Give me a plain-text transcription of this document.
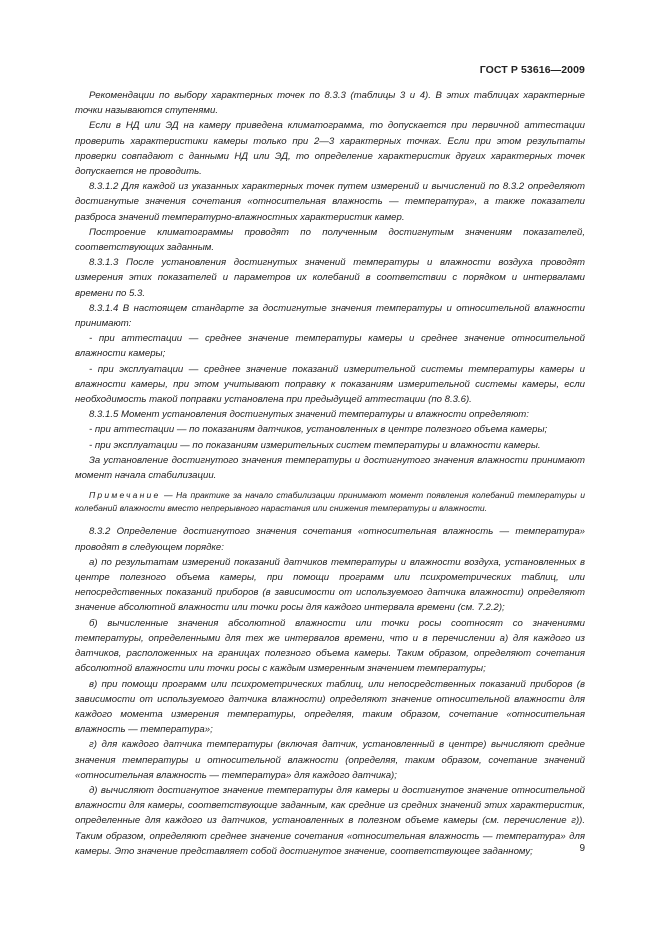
ГОСТ Р 53616—2009

Рекомендации по выбору характерных точек по 8.3.3 (таблицы 3 и 4). В этих таблицах характерные точки называются ступенями.

Если в НД или ЭД на камеру приведена климатограмма, то допускается при первичной аттестации проверить характеристики камеры только при 2—3 характерных точках. Если при этом результаты проверки совпадают с данными НД или ЭД, то определение характеристик других характерных точек допускается не проводить.

8.3.1.2 Для каждой из указанных характерных точек путем измерений и вычислений по 8.3.2 определяют достигнутые значения сочетания «относительная влажность — температура», а также показатели разброса значений температурно-влажностных характеристик камер.

Построение климатограммы проводят по полученным достигнутым значениям показателей, соответствующих заданным.

8.3.1.3 После установления достигнутых значений температуры и влажности воздуха проводят измерения этих показателей и параметров их колебаний в соответствии с порядком и интервалами времени по 5.3.

8.3.1.4 В настоящем стандарте за достигнутые значения температуры и относительной влажности принимают:

- при аттестации — среднее значение температуры камеры и среднее значение относительной влажности камеры;

- при эксплуатации — среднее значение показаний измерительной системы температуры камеры и влажности камеры, при этом учитывают поправку к показаниям измерительной системы камеры, если необходимость такой поправки установлена при предыдущей аттестации (по 8.3.6).

8.3.1.5 Момент установления достигнутых значений температуры и влажности определяют:

- при аттестации — по показаниям датчиков, установленных в центре полезного объема камеры;

- при эксплуатации — по показаниям измерительных систем температуры и влажности камеры.

За установление достигнутого значения температуры и достигнутого значения влажности принимают момент начала стабилизации.

Примечание — На практике за начало стабилизации принимают момент появления колебаний температуры и колебаний влажности вместо непрерывного нарастания или снижения температуры и влажности.

8.3.2 Определение достигнутого значения сочетания «относительная влажность — температура» проводят в следующем порядке:

а) по результатам измерений показаний датчиков температуры и влажности воздуха, установленных в центре полезного объема камеры, при помощи программ или психрометрических таблиц, или непосредственных показаний приборов (в зависимости от используемого датчика влажности) определяют значение абсолютной влажности или точки росы для каждого интервала времени (см. 7.2.2);

б) вычисленные значения абсолютной влажности или точки росы соотносят со значениями температуры, определенными для тех же интервалов времени, что и в перечислении а) для каждого из датчиков, расположенных на границах полезного объема камеры. Таким образом, определяют сочетания абсолютной влажности или точки росы с каждым измеренным значением температуры;

в) при помощи программ или психрометрических таблиц, или непосредственных показаний приборов (в зависимости от используемого датчика влажности) определяют значение относительной влажности для каждого момента измерения температуры, определяя, таким образом, сочетание «относительная влажность — температура»;

г) для каждого датчика температуры (включая датчик, установленный в центре) вычисляют средние значения температуры и относительной влажности (определяя, таким образом, сочетание значений «относительная влажность — температура» для каждого датчика);

д) вычисляют достигнутое значение температуры для камеры и достигнутое значение относительной влажности для камеры, соответствующие заданным, как средние из средних значений этих характеристик, определенные для каждого из датчиков, установленных в полезном объеме камеры (см. перечисление г)). Таким образом, определяют среднее значение сочетания «относительная влажность — температура» для камеры. Это значение представляет собой достигнутое значение, соответствующее заданному;	9
